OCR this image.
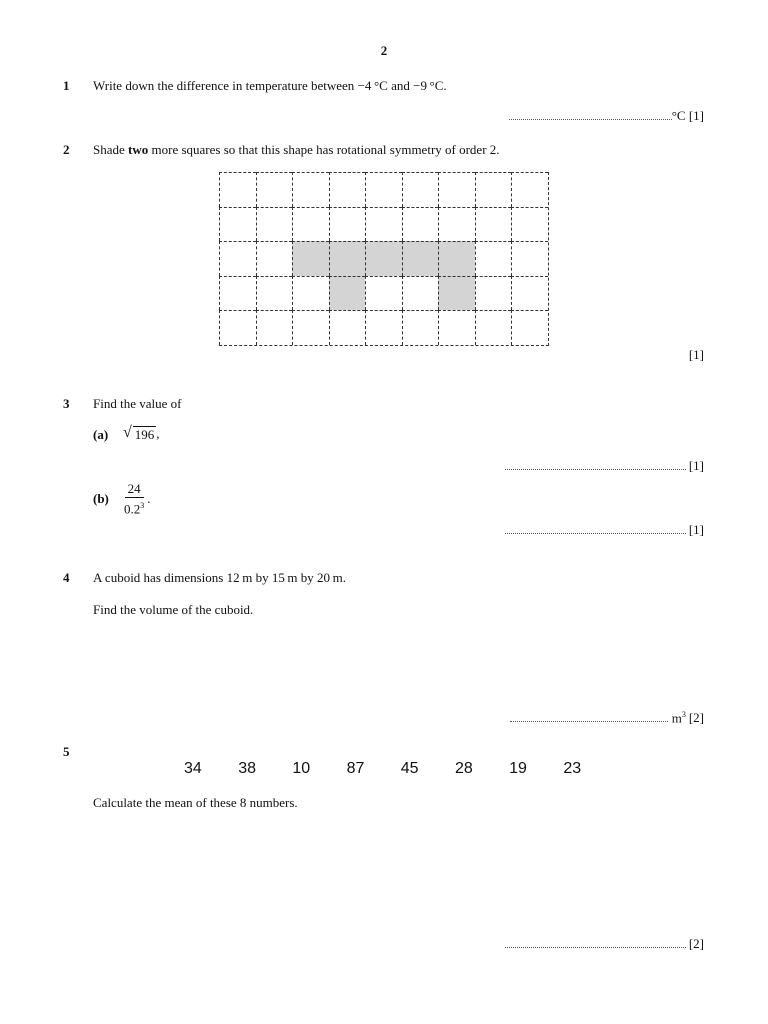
2
1 Write down the difference in temperature between −4 °C and −9 °C.
°C [1]
2 Shade two more squares so that this shape has rotational symmetry of order 2.
[1]
3 Find the value of
(a) √ 196 ,
[1]
$(b) \frac{24}{0.2^3}$ .
[1]
4 A cuboid has dimensions 12 m by 15 m by 20 m.
Find the volume of the cuboid.
$m^3$ [2]
5
34	38	10	87	45	28	19	23
Calculate the mean of these 8 numbers.
[2]
